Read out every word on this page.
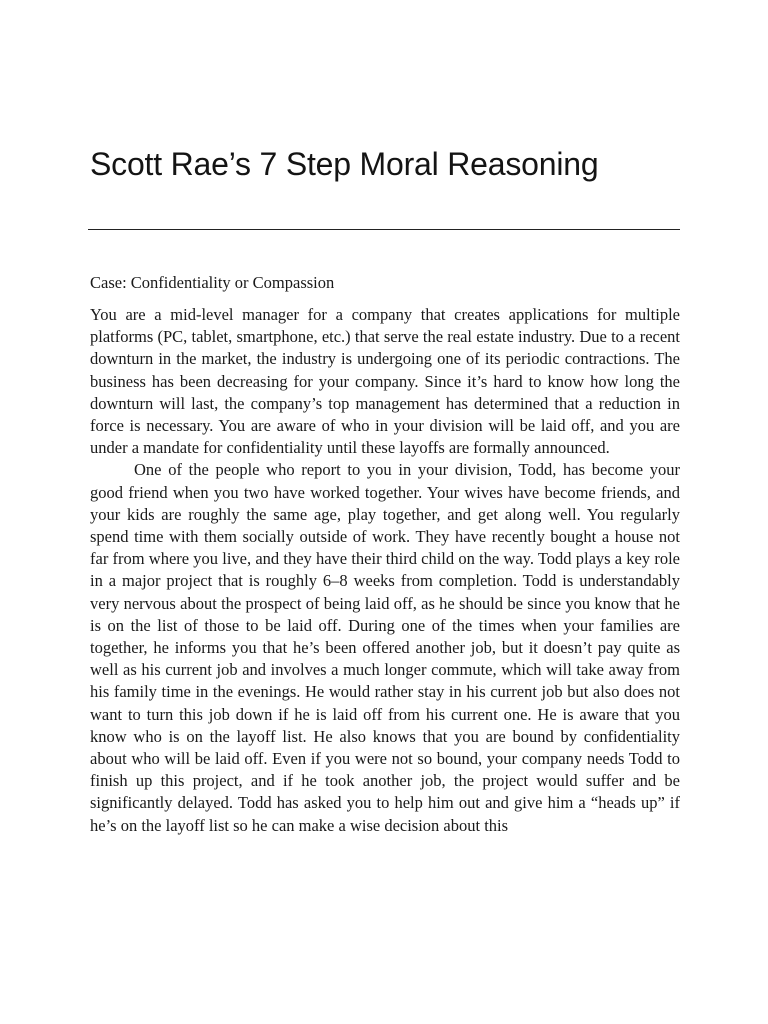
Scott Rae’s 7 Step Moral Reasoning

Case: Confidentiality or Compassion

You are a mid-level manager for a company that creates applications for multiple platforms (PC, tablet, smartphone, etc.) that serve the real estate industry. Due to a recent downturn in the market, the industry is undergoing one of its periodic contractions. The business has been decreasing for your company. Since it’s hard to know how long the downturn will last, the company’s top management has determined that a reduction in force is necessary. You are aware of who in your division will be laid off, and you are under a mandate for confidentiality until these layoffs are formally announced.

One of the people who report to you in your division, Todd, has become your good friend when you two have worked together. Your wives have become friends, and your kids are roughly the same age, play together, and get along well. You regularly spend time with them socially outside of work. They have recently bought a house not far from where you live, and they have their third child on the way. Todd plays a key role in a major project that is roughly 6–8 weeks from completion. Todd is understandably very nervous about the prospect of being laid off, as he should be since you know that he is on the list of those to be laid off. During one of the times when your families are together, he informs you that he’s been offered another job, but it doesn’t pay quite as well as his current job and involves a much longer commute, which will take away from his family time in the evenings. He would rather stay in his current job but also does not want to turn this job down if he is laid off from his current one. He is aware that you know who is on the layoff list. He also knows that you are bound by confidentiality about who will be laid off. Even if you were not so bound, your company needs Todd to finish up this project, and if he took another job, the project would suffer and be significantly delayed. Todd has asked you to help him out and give him a “heads up” if he’s on the layoff list so he can make a wise decision about this
